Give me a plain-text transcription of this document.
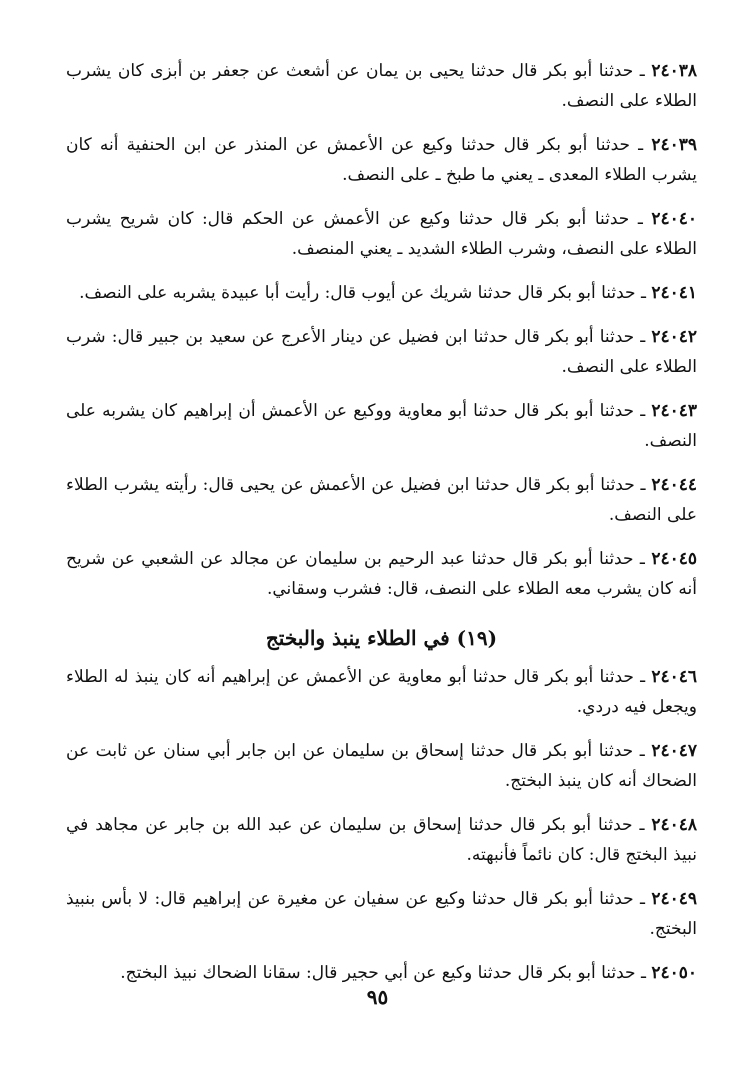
٢٤٠٣٨ ـ حدثنا أبو بكر قال حدثنا يحيى بن يمان عن أشعث عن جعفر بن أبزى كان يشرب الطلاء على النصف.

٢٤٠٣٩ ـ حدثنا أبو بكر قال حدثنا وكيع عن الأعمش عن المنذر عن ابن الحنفية أنه كان يشرب الطلاء المعدى ـ يعني ما طبخ ـ على النصف.

٢٤٠٤٠ ـ حدثنا أبو بكر قال حدثنا وكيع عن الأعمش عن الحكم قال: كان شريح يشرب الطلاء على النصف، وشرب الطلاء الشديد ـ يعني المنصف.

٢٤٠٤١ ـ حدثنا أبو بكر قال حدثنا شريك عن أيوب قال: رأيت أبا عبيدة يشربه على النصف.

٢٤٠٤٢ ـ حدثنا أبو بكر قال حدثنا ابن فضيل عن دينار الأعرج عن سعيد بن جبير قال: شرب الطلاء على النصف.

٢٤٠٤٣ ـ حدثنا أبو بكر قال حدثنا أبو معاوية ووكيع عن الأعمش أن إبراهيم كان يشربه على النصف.

٢٤٠٤٤ ـ حدثنا أبو بكر قال حدثنا ابن فضيل عن الأعمش عن يحيى قال: رأيته يشرب الطلاء على النصف.

٢٤٠٤٥ ـ حدثنا أبو بكر قال حدثنا عبد الرحيم بن سليمان عن مجالد عن الشعبي عن شريح أنه كان يشرب معه الطلاء على النصف، قال: فشرب وسقاني.

(١٩) في الطلاء ينبذ والبختج

٢٤٠٤٦ ـ حدثنا أبو بكر قال حدثنا أبو معاوية عن الأعمش عن إبراهيم أنه كان ينبذ له الطلاء ويجعل فيه دردي.

٢٤٠٤٧ ـ حدثنا أبو بكر قال حدثنا إسحاق بن سليمان عن ابن جابر أبي سنان عن ثابت عن الضحاك أنه كان ينبذ البختج.

٢٤٠٤٨ ـ حدثنا أبو بكر قال حدثنا إسحاق بن سليمان عن عبد الله بن جابر عن مجاهد في نبيذ البختج قال: كان نائماً فأنبهته.

٢٤٠٤٩ ـ حدثنا أبو بكر قال حدثنا وكيع عن سفيان عن مغيرة عن إبراهيم قال: لا بأس بنبيذ البختج.

٢٤٠٥٠ ـ حدثنا أبو بكر قال حدثنا وكيع عن أبي حجير قال: سقانا الضحاك نبيذ البختج.

٩٥
